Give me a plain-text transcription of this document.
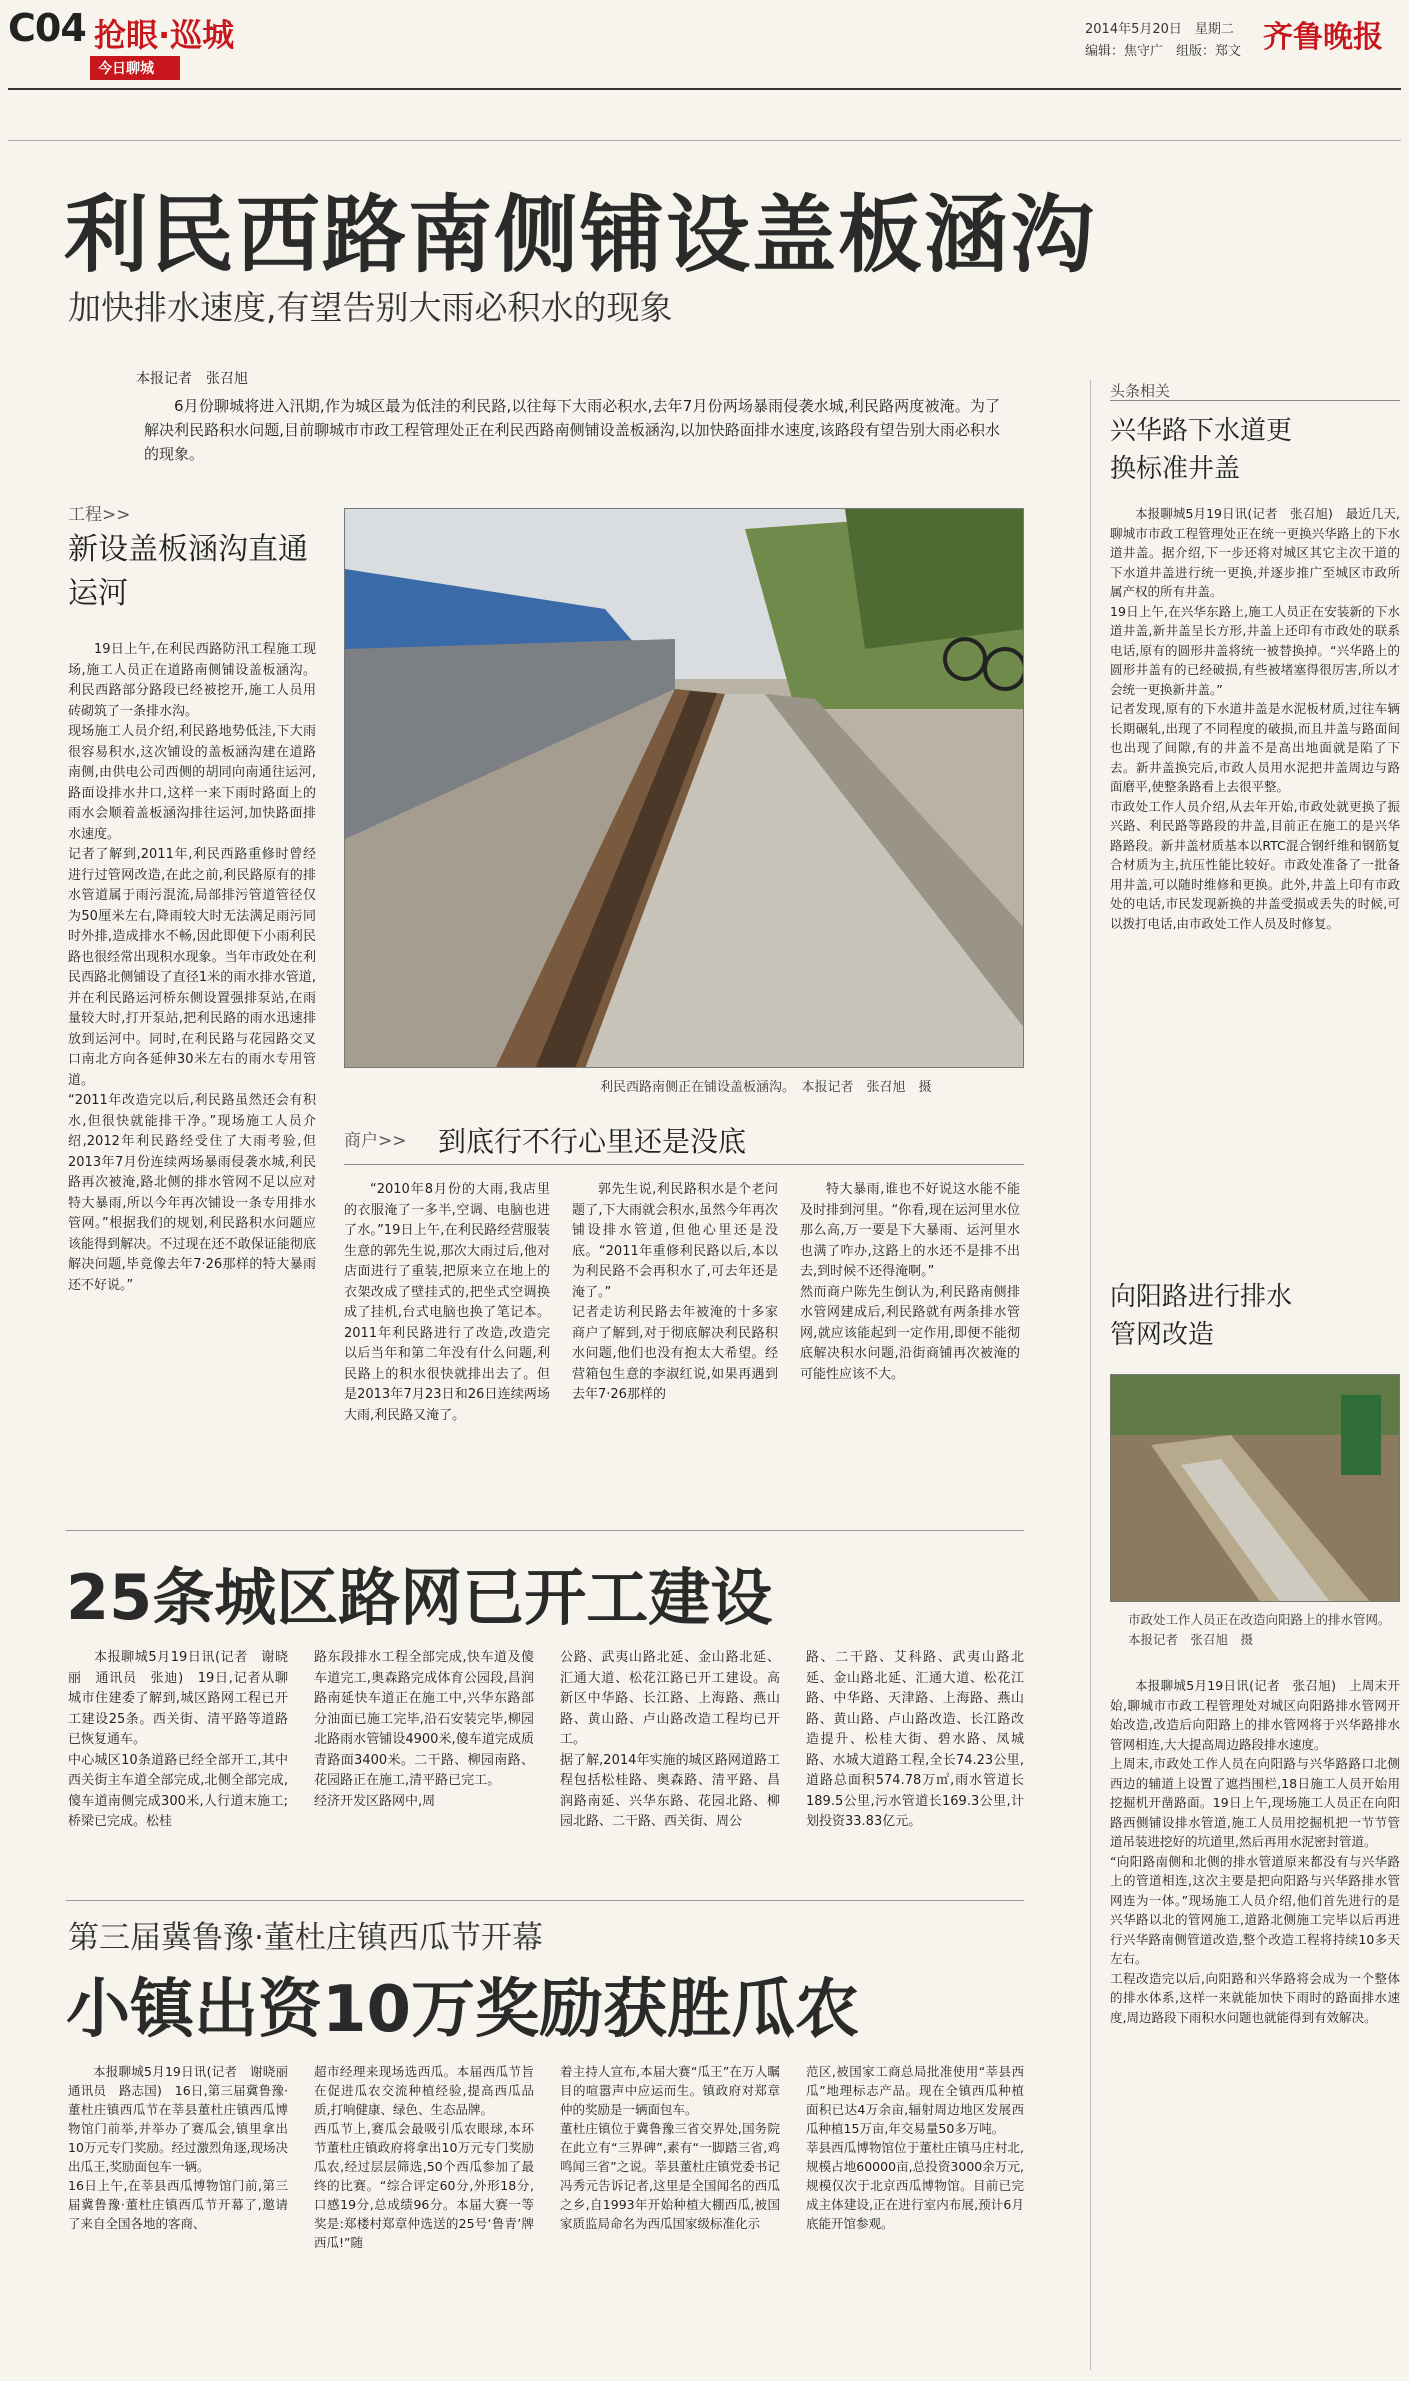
C04 抢眼·巡城
今日聊城
2014年5月20日　星期二
编辑：焦守广　组版：郑文 齐鲁晚报
利民西路南侧铺设盖板涵沟
加快排水速度,有望告别大雨必积水的现象
本报记者　张召旭
6月份聊城将进入汛期,作为城区最为低洼的利民路,以往每下大雨必积水,去年7月份两场暴雨侵袭水城,利民路两度被淹。为了解决利民路积水问题,目前聊城市市政工程管理处正在利民西路南侧铺设盖板涵沟,以加快路面排水速度,该路段有望告别大雨必积水的现象。
工程>>
新设盖板涵沟直通运河
19日上午,在利民西路防汛工程施工现场,施工人员正在道路南侧铺设盖板涵沟。利民西路部分路段已经被挖开,施工人员用砖砌筑了一条排水沟。
现场施工人员介绍,利民路地势低洼,下大雨很容易积水,这次铺设的盖板涵沟建在道路南侧,由供电公司西侧的胡同向南通往运河,路面设排水井口,这样一来下雨时路面上的雨水会顺着盖板涵沟排往运河,加快路面排水速度。
记者了解到,2011年,利民西路重修时曾经进行过管网改造,在此之前,利民路原有的排水管道属于雨污混流,局部排污管道管径仅为50厘米左右,降雨较大时无法满足雨污同时外排,造成排水不畅,因此即便下小雨利民路也很经常出现积水现象。当年市政处在利民西路北侧铺设了直径1米的雨水排水管道,并在利民路运河桥东侧设置强排泵站,在雨量较大时,打开泵站,把利民路的雨水迅速排放到运河中。同时,在利民路与花园路交叉口南北方向各延伸30米左右的雨水专用管道。
“2011年改造完以后,利民路虽然还会有积水,但很快就能排干净。”现场施工人员介绍,2012年利民路经受住了大雨考验,但2013年7月份连续两场暴雨侵袭水城,利民路再次被淹,路北侧的排水管网不足以应对特大暴雨,所以今年再次铺设一条专用排水管网。”根据我们的规划,利民路积水问题应该能得到解决。不过现在还不敢保证能彻底解决问题,毕竟像去年7·26那样的特大暴雨还不好说。”
利民西路南侧正在铺设盖板涵沟。　本报记者　张召旭　摄
商户>> 到底行不行心里还是没底
“2010年8月份的大雨,我店里的衣服淹了一多半,空调、电脑也进了水。”19日上午,在利民路经营服装生意的郭先生说,那次大雨过后,他对店面进行了重装,把原来立在地上的衣架改成了壁挂式的,把坐式空调换成了挂机,台式电脑也换了笔记本。2011年利民路进行了改造,改造完以后当年和第二年没有什么问题,利民路上的积水很快就排出去了。但是2013年7月23日和26日连续两场大雨,利民路又淹了。
郭先生说,利民路积水是个老问题了,下大雨就会积水,虽然今年再次铺设排水管道,但他心里还是没底。“2011年重修利民路以后,本以为利民路不会再积水了,可去年还是淹了。”
记者走访利民路去年被淹的十多家商户了解到,对于彻底解决利民路积水问题,他们也没有抱太大希望。经营箱包生意的李淑红说,如果再遇到去年7·26那样的
特大暴雨,谁也不好说这水能不能及时排到河里。“你看,现在运河里水位那么高,万一要是下大暴雨、运河里水也满了咋办,这路上的水还不是排不出去,到时候不还得淹啊。”
然而商户陈先生倒认为,利民路南侧排水管网建成后,利民路就有两条排水管网,就应该能起到一定作用,即便不能彻底解决积水问题,沿街商铺再次被淹的可能性应该不大。
头条相关
兴华路下水道更换标准井盖
本报聊城5月19日讯(记者　张召旭)　最近几天,聊城市市政工程管理处正在统一更换兴华路上的下水道井盖。据介绍,下一步还将对城区其它主次干道的下水道井盖进行统一更换,并逐步推广至城区市政所属产权的所有井盖。
19日上午,在兴华东路上,施工人员正在安装新的下水道井盖,新井盖呈长方形,井盖上还印有市政处的联系电话,原有的圆形井盖将统一被替换掉。“兴华路上的圆形井盖有的已经破损,有些被堵塞得很厉害,所以才会统一更换新井盖。”
记者发现,原有的下水道井盖是水泥板材质,过往车辆长期碾轧,出现了不同程度的破损,而且井盖与路面间也出现了间隙,有的井盖不是高出地面就是陷了下去。新井盖换完后,市政人员用水泥把井盖周边与路面磨平,使整条路看上去很平整。
市政处工作人员介绍,从去年开始,市政处就更换了振兴路、利民路等路段的井盖,目前正在施工的是兴华路路段。新井盖材质基本以RTC混合钢纤维和钢筋复合材质为主,抗压性能比较好。市政处准备了一批备用井盖,可以随时维修和更换。此外,井盖上印有市政处的电话,市民发现新换的井盖受损或丢失的时候,可以拨打电话,由市政处工作人员及时修复。
向阳路进行排水管网改造
市政处工作人员正在改造向阳路上的排水管网。　　本报记者　张召旭　摄
本报聊城5月19日讯(记者　张召旭)　上周末开始,聊城市市政工程管理处对城区向阳路排水管网开始改造,改造后向阳路上的排水管网将于兴华路排水管网相连,大大提高周边路段排水速度。
上周末,市政处工作人员在向阳路与兴华路路口北侧西边的辅道上设置了遮挡围栏,18日施工人员开始用挖掘机开凿路面。19日上午,现场施工人员正在向阳路西侧铺设排水管道,施工人员用挖掘机把一节节管道吊装进挖好的坑道里,然后再用水泥密封管道。
“向阳路南侧和北侧的排水管道原来都没有与兴华路上的管道相连,这次主要是把向阳路与兴华路排水管网连为一体。”现场施工人员介绍,他们首先进行的是兴华路以北的管网施工,道路北侧施工完毕以后再进行兴华路南侧管道改造,整个改造工程将持续10多天左右。
工程改造完以后,向阳路和兴华路将会成为一个整体的排水体系,这样一来就能加快下雨时的路面排水速度,周边路段下雨积水问题也就能得到有效解决。
25条城区路网已开工建设
本报聊城5月19日讯(记者　谢晓丽　通讯员　张迪)　19日,记者从聊城市住建委了解到,城区路网工程已开工建设25条。西关街、清平路等道路已恢复通车。
中心城区10条道路已经全部开工,其中西关街主车道全部完成,北侧全部完成,傻车道南侧完成300米,人行道末施工;桥梁已完成。松桂
路东段排水工程全部完成,快车道及傻车道完工,奥森路完成体育公园段,昌润路南延快车道正在施工中,兴华东路部分油面已施工完毕,沿石安装完毕,柳园北路雨水管铺设4900米,傻车道完成质青路面3400米。二干路、柳园南路、花园路正在施工,清平路已完工。
经济开发区路网中,周
公路、武夷山路北延、金山路北延、汇通大道、松花江路已开工建设。高新区中华路、长江路、上海路、燕山路、黄山路、卢山路改造工程均已开工。
据了解,2014年实施的城区路网道路工程包括松桂路、奥森路、清平路、昌润路南延、兴华东路、花园北路、柳园北路、二干路、西关街、周公
路、二干路、艾科路、武夷山路北延、金山路北延、汇通大道、松花江路、中华路、天津路、上海路、燕山路、黄山路、卢山路改造、长江路改造提升、松桂大街、碧水路、凤城路、水城大道路工程,全长74.23公里,道路总面积574.78万㎡,雨水管道长189.5公里,污水管道长169.3公里,计划投资33.83亿元。
第三届冀鲁豫·董杜庄镇西瓜节开幕
小镇出资10万奖励获胜瓜农
本报聊城5月19日讯(记者　谢晓丽　通讯员　路志国)　16日,第三届冀鲁豫·董杜庄镇西瓜节在莘县董杜庄镇西瓜博物馆门前举,并举办了赛瓜会,镇里拿出10万元专门奖励。经过激烈角逐,现场决出瓜王,奖励面包车一辆。
16日上午,在莘县西瓜博物馆门前,第三届冀鲁豫·董杜庄镇西瓜节开幕了,邀请了来自全国各地的客商、
超市经理来现场选西瓜。本届西瓜节旨在促进瓜农交流种植经验,提高西瓜品质,打响健康、绿色、生态品牌。
西瓜节上,赛瓜会最吸引瓜农眼球,本环节董杜庄镇政府将拿出10万元专门奖励瓜农,经过层层筛选,50个西瓜参加了最终的比赛。“综合评定60分,外形18分,口感19分,总成绩96分。本届大赛一等奖是:郑楼村郑章仲选送的25号‘鲁青’牌西瓜!”随
着主持人宣布,本届大赛“瓜王”在万人瞩目的喧嚣声中应运而生。镇政府对郑章仲的奖励是一辆面包车。
董杜庄镇位于冀鲁豫三省交界处,国务院在此立有“三界碑”,素有“一脚踏三省,鸡鸣闻三省”之说。莘县董杜庄镇党委书记冯秀元告诉记者,这里是全国闻名的西瓜之乡,自1993年开始种植大棚西瓜,被国家质监局命名为西瓜国家级标准化示
范区,被国家工商总局批准使用“莘县西瓜”地理标志产品。现在全镇西瓜种植面积已达4万余亩,辐射周边地区发展西瓜种植15万亩,年交易量50多万吨。
莘县西瓜博物馆位于董杜庄镇马庄村北,规模占地60000亩,总投资3000余万元,规模仅次于北京西瓜博物馆。目前已完成主体建设,正在进行室内布展,预计6月底能开馆参观。
